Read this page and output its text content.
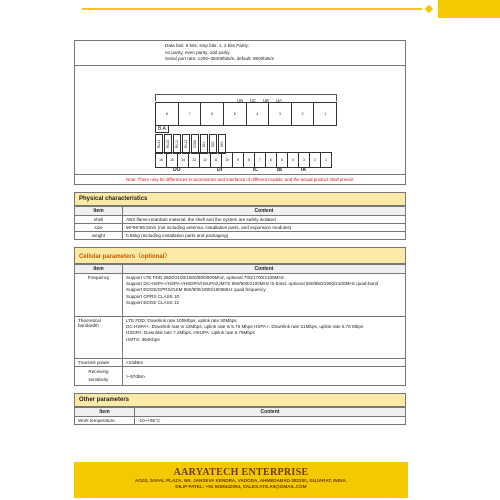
Data bits: 8 bits; stop bits: 1, 2 bits Parity:
no parity, even parity, odd parity
Serial port rate: 1200~38400bits/s, default: 9600bits/s
UN UC UB UA
8	7	6	5	4	3	2	1
B A
RL21	RL22	RL11	RL12	COM	DI1	DI2	DI3
16	15	14	13	12	11	10	9	8	7	6	5	4	3	2	1
DO	DI	IC	IB	IA
Note: There may be differences in accessories and interfaces of different models, and the actual product shall prevail.
Physical characteristics
Item	Content
shell	ABS flame-retardant material, the shell and the system are safely isolated
size	96*96*65.5mm (not including antenna, installation parts, and expansion modules)
weight	0.55kg (Including installation parts and packaging)
Cellular parameters（optional）
Item	Content
Frequency	Support LTE FDD 2600/2100/1800/900/800MHz, optional 700/1700/2100MHz
Support DC-HSPA+/HSPA+/HSDPA/HSUPA/UMTS 850/900/2100MHz tri-band, optional 800/850/1900/2100MHz quad-band
Support EDGE/GPRS/GSM 850/900/1800/1900MHz quad frequency
Support GPRS CLASS 10
Support EDGE CLASS 12

Theoretical bandwidth	LTE FDD: Downlink rate 100Mbps, uplink rate 50Mbps
DC-HSPA+: Downlink rate is 42Mbps, uplink rate is 5.76 Mbps HSPA+: Downlink rate 21Mbps, uplink rate 5.76 Mbps
HSDPA: Downlink rate 7.2Mbps, HSUPA: Uplink rate 5.76Mbps
UMTS: 384Kbps

Transmit power	<23dBm
Receiving sensitivity	>-97dBm
Other parameters
Item	Content
Work temperature	-10~+55°C
AARYATECH ENTERPRISE
A/103, SAFAL PLAZA, NR. JANSEVA KENDRA, VADODA, AHMEDABAD-382330, GUJARAT, INDIA.
DILIP PATEL: +91 9408442094, SALES.ATE.A9@GMAIL.COM
